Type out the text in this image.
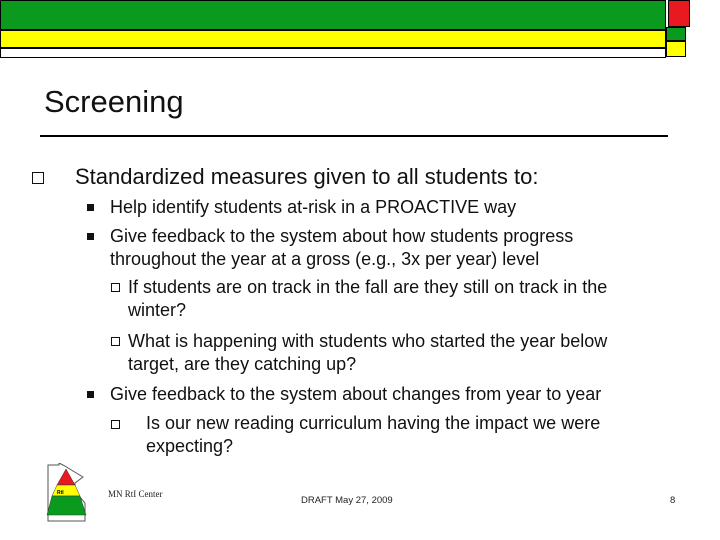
Screening
Standardized measures given to all students to:
Help identify students at-risk in a PROACTIVE way
Give feedback to the system about how students progress
throughout the year at a gross (e.g., 3x per year) level
If students are on track in the fall are they still on track in the
winter?
What is happening with students who started the year below
target, are they catching up?
Give feedback to the system about changes from year to year
Is our new reading curriculum having the impact we were
expecting?
RtI	MN RtI Center
DRAFT May 27, 2009	8
